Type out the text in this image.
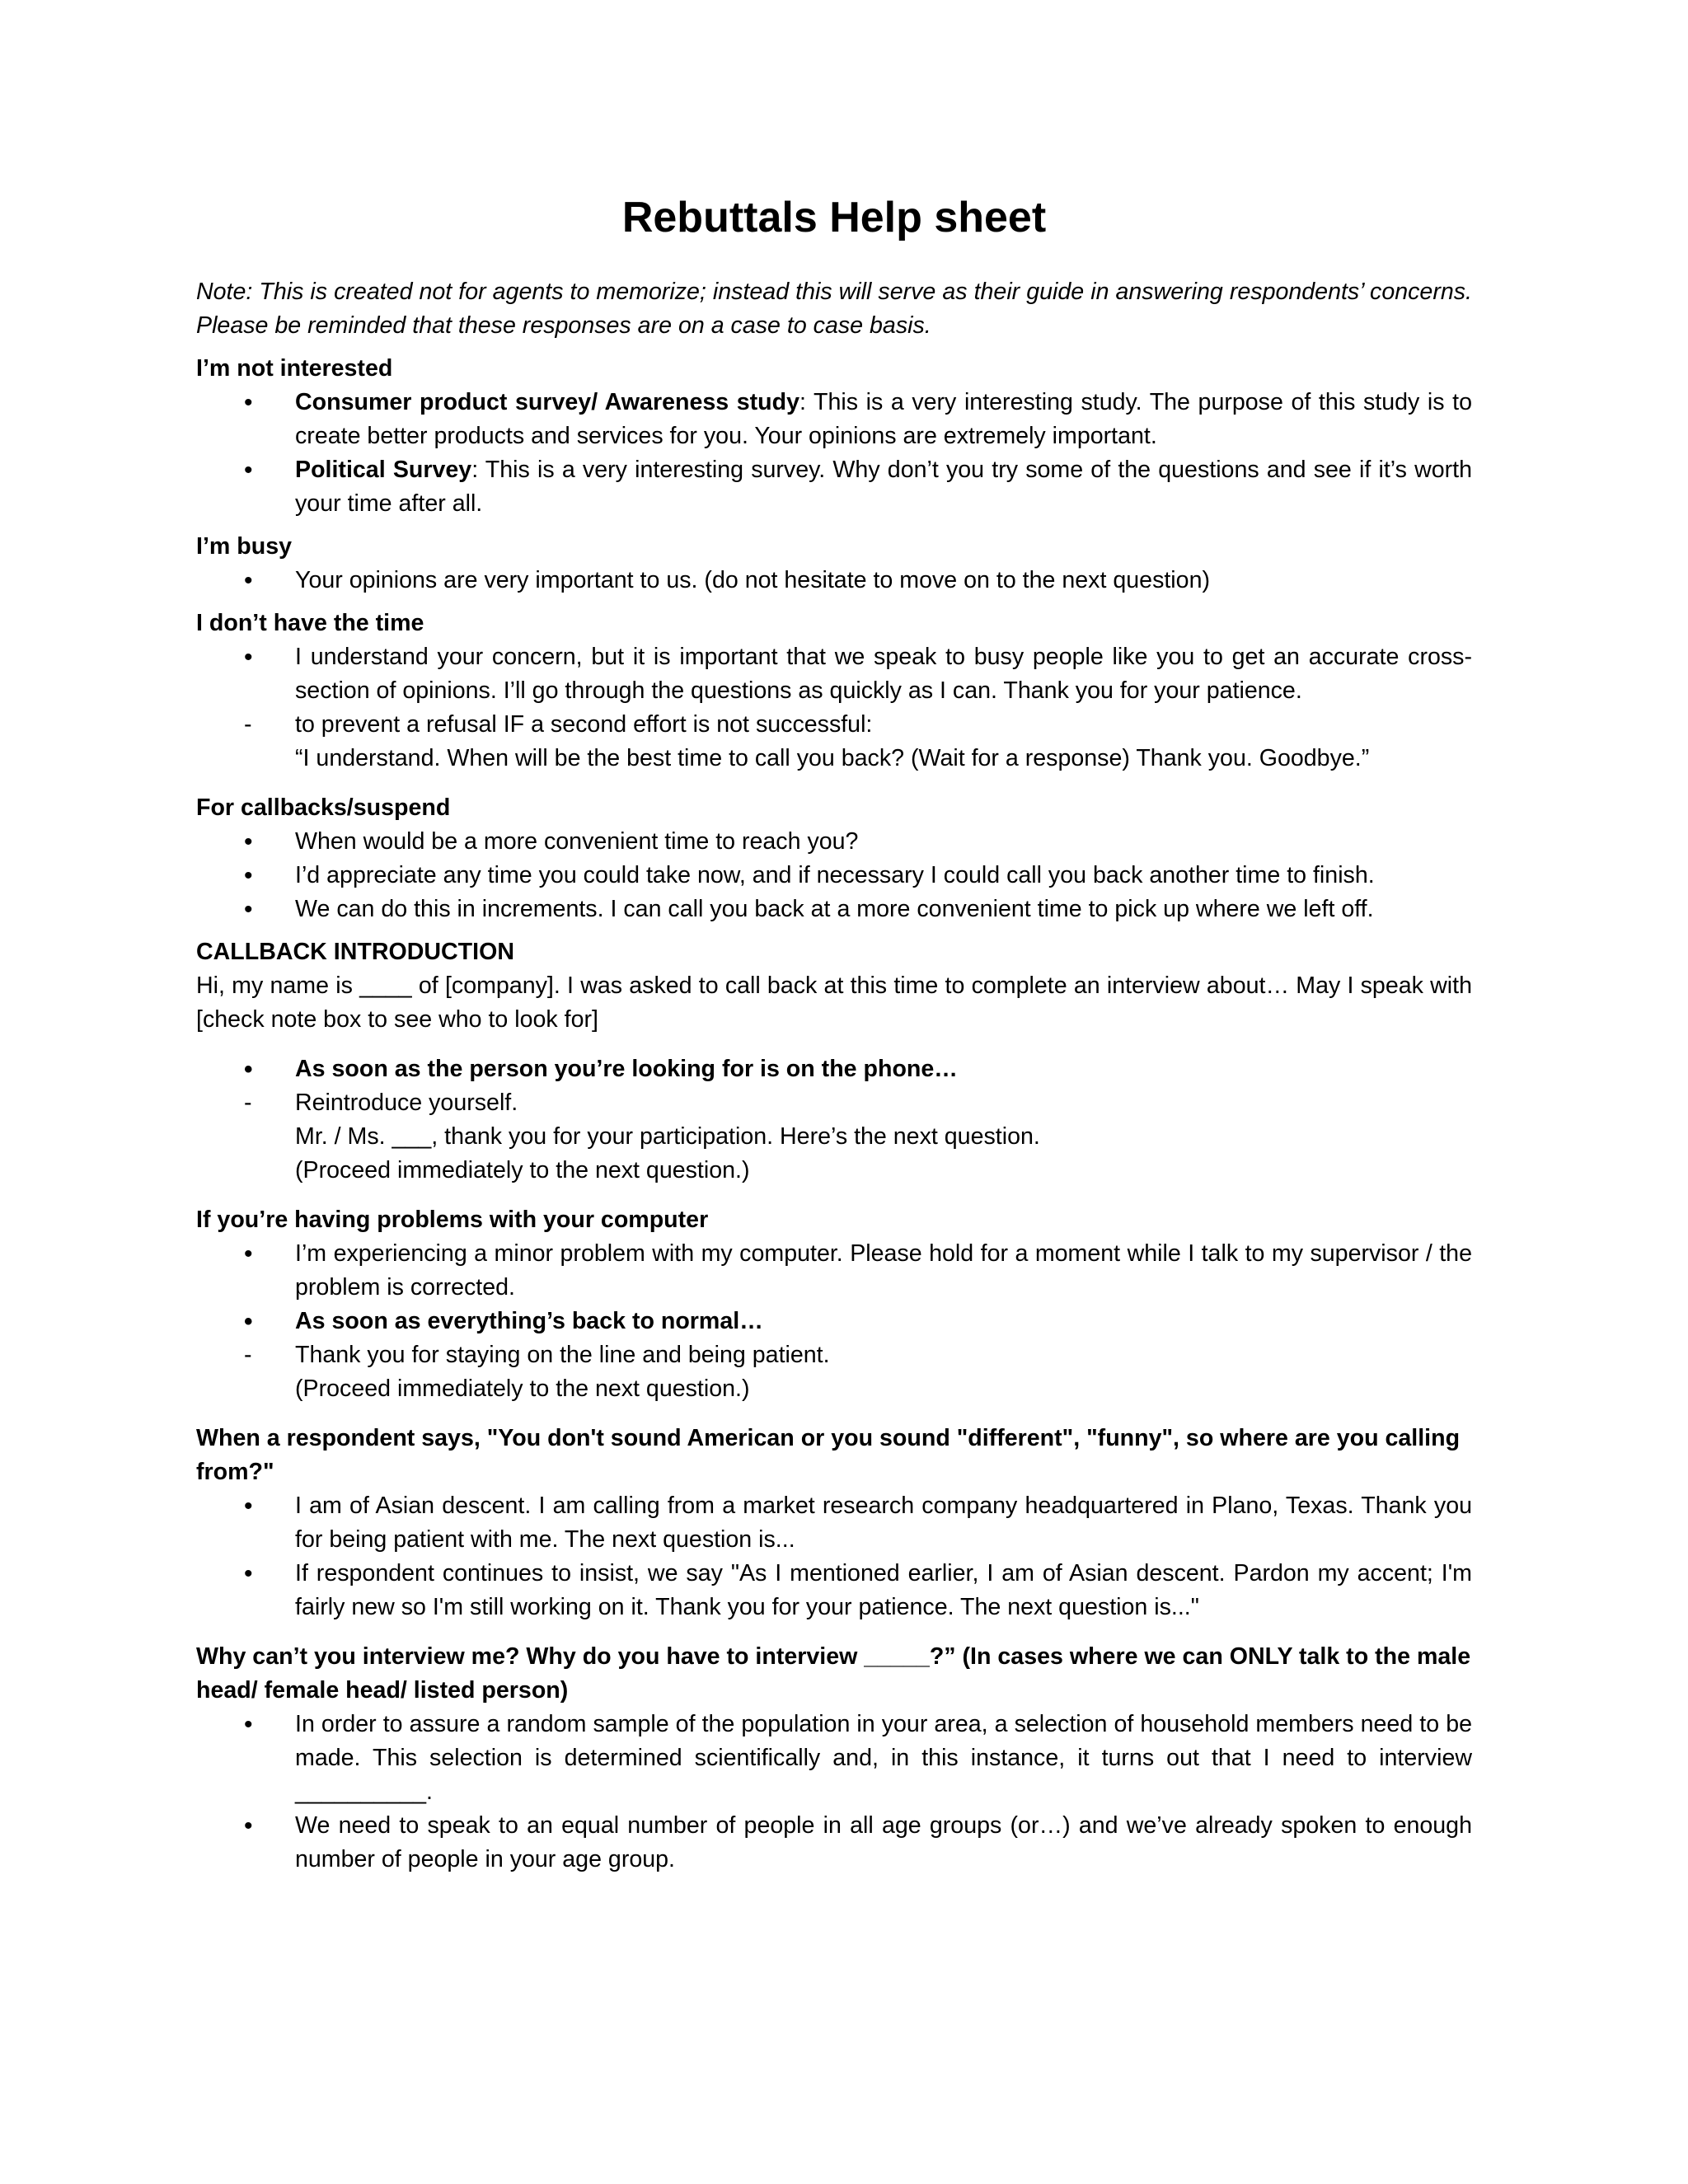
Rebuttals Help sheet
Note: This is created not for agents to memorize; instead this will serve as their guide in answering respondents’ concerns. Please be reminded that these responses are on a case to case basis.
I’m not interested
• Consumer product survey/ Awareness study: This is a very interesting study. The purpose of this study is to create better products and services for you. Your opinions are extremely important.
• Political Survey: This is a very interesting survey. Why don’t you try some of the questions and see if it’s worth your time after all.
I’m busy
• Your opinions are very important to us. (do not hesitate to move on to the next question)
I don’t have the time
• I understand your concern, but it is important that we speak to busy people like you to get an accurate cross-section of opinions. I’ll go through the questions as quickly as I can. Thank you for your patience.
- to prevent a refusal IF a second effort is not successful:
“I understand. When will be the best time to call you back? (Wait for a response) Thank you. Goodbye.”
For callbacks/suspend
• When would be a more convenient time to reach you?
• I’d appreciate any time you could take now, and if necessary I could call you back another time to finish.
• We can do this in increments. I can call you back at a more convenient time to pick up where we left off.
CALLBACK INTRODUCTION
Hi, my name is ____ of [company]. I was asked to call back at this time to complete an interview about… May I speak with [check note box to see who to look for]
• As soon as the person you’re looking for is on the phone…
- Reintroduce yourself.
Mr. / Ms. ___, thank you for your participation. Here’s the next question.
(Proceed immediately to the next question.)
If you’re having problems with your computer
• I’m experiencing a minor problem with my computer. Please hold for a moment while I talk to my supervisor / the problem is corrected.
• As soon as everything’s back to normal…
- Thank you for staying on the line and being patient.
(Proceed immediately to the next question.)
When a respondent says, "You don't sound American or you sound "different", "funny", so where are you calling from?"
• I am of Asian descent. I am calling from a market research company headquartered in Plano, Texas. Thank you for being patient with me. The next question is...
• If respondent continues to insist, we say "As I mentioned earlier, I am of Asian descent. Pardon my accent; I'm fairly new so I'm still working on it. Thank you for your patience. The next question is..."
Why can’t you interview me? Why do you have to interview _____?” (In cases where we can ONLY talk to the male head/ female head/ listed person)
• In order to assure a random sample of the population in your area, a selection of household members need to be made. This selection is determined scientifically and, in this instance, it turns out that I need to interview __________.
• We need to speak to an equal number of people in all age groups (or…) and we’ve already spoken to enough number of people in your age group.
